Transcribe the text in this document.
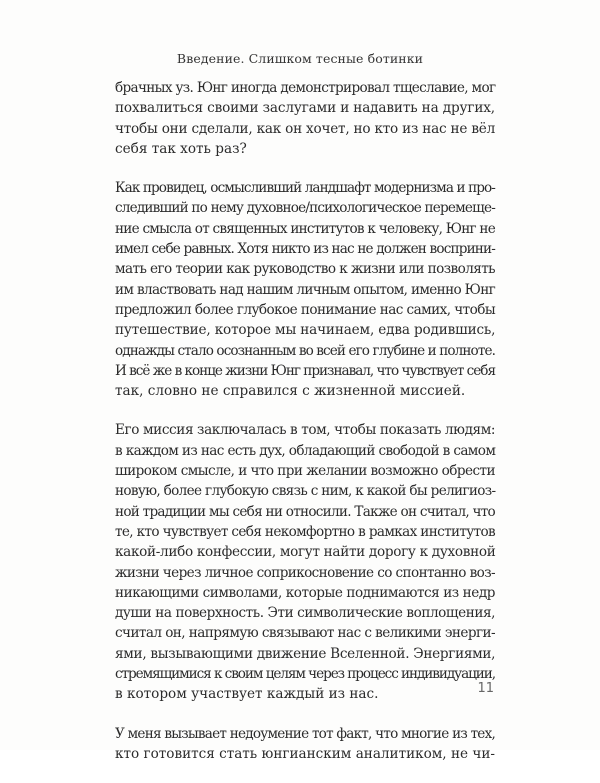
Введение. Слишком тесные ботинки

брачных уз. Юнг иногда демонстрировал тщеславие, мог
похвалиться своими заслугами и надавить на других,
чтобы они сделали, как он хочет, но кто из нас не вёл
себя так хоть раз?

Как провидец, осмысливший ландшафт модернизма и про-
следивший по нему духовное/психологическое перемеще-
ние смысла от священных институтов к человеку, Юнг не
имел себе равных. Хотя никто из нас не должен восприни-
мать его теории как руководство к жизни или позволять
им властвовать над нашим личным опытом, именно Юнг
предложил более глубокое понимание нас самих, чтобы
путешествие, которое мы начинаем, едва родившись,
однажды стало осознанным во всей его глубине и полноте.
И всё же в конце жизни Юнг признавал, что чувствует себя
так, словно не справился с жизненной миссией.

Его миссия заключалась в том, чтобы показать людям:
в каждом из нас есть дух, обладающий свободой в самом
широком смысле, и что при желании возможно обрести
новую, более глубокую связь с ним, к какой бы религиоз-
ной традиции мы себя ни относили. Также он считал, что
те, кто чувствует себя некомфортно в рамках институтов
какой-либо конфессии, могут найти дорогу к духовной
жизни через личное соприкосновение со спонтанно воз-
никающими символами, которые поднимаются из недр
души на поверхность. Эти символические воплощения,
считал он, напрямую связывают нас с великими энерги-
ями, вызывающими движение Вселенной. Энергиями,
стремящимися к своим целям через процесс индивидуации,
в котором участвует каждый из нас.

У меня вызывает недоумение тот факт, что многие из тех,
кто готовится стать юнгианским аналитиком, не чи-

11
